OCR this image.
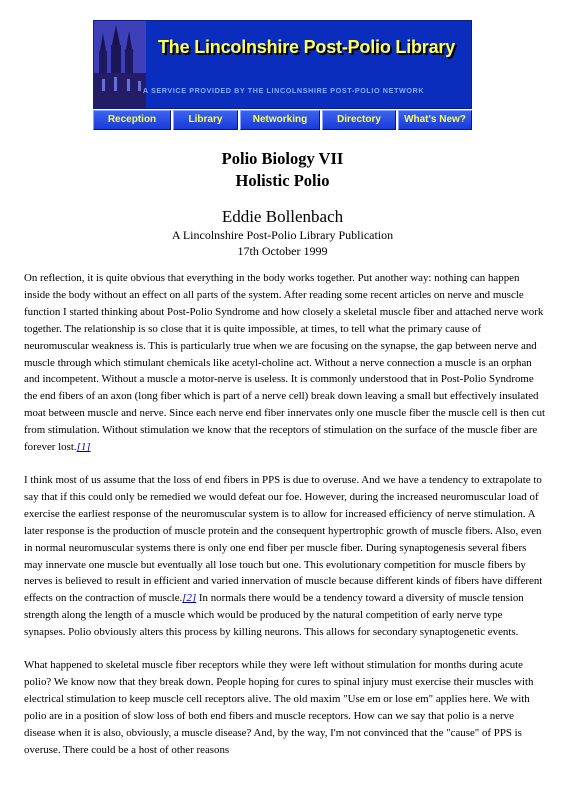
The Lincolnshire Post-Polio Library

A SERVICE PROVIDED BY THE LINCOLNSHIRE POST-POLIO NETWORK

Reception	Library	Networking	Directory	What's New?
Polio Biology VII
Holistic Polio

Eddie Bollenbach

A Lincolnshire Post-Polio Library Publication

17th October 1999

On reflection, it is quite obvious that everything in the body works together. Put another way: nothing can happen inside the body without an effect on all parts of the system. After reading some recent articles on nerve and muscle function I started thinking about Post-Polio Syndrome and how closely a skeletal muscle fiber and attached nerve work together. The relationship is so close that it is quite impossible, at times, to tell what the primary cause of neuromuscular weakness is. This is particularly true when we are focusing on the synapse, the gap between nerve and muscle through which stimulant chemicals like acetyl-choline act. Without a nerve connection a muscle is an orphan and incompetent. Without a muscle a motor-nerve is useless. It is commonly understood that in Post-Polio Syndrome the end fibers of an axon (long fiber which is part of a nerve cell) break down leaving a small but effectively insulated moat between muscle and nerve. Since each nerve end fiber innervates only one muscle fiber the muscle cell is then cut from stimulation. Without stimulation we know that the receptors of stimulation on the surface of the muscle fiber are forever lost.[1]

I think most of us assume that the loss of end fibers in PPS is due to overuse. And we have a tendency to extrapolate to say that if this could only be remedied we would defeat our foe. However, during the increased neuromuscular load of exercise the earliest response of the neuromuscular system is to allow for increased efficiency of nerve stimulation. A later response is the production of muscle protein and the consequent hypertrophic growth of muscle fibers. Also, even in normal neuromuscular systems there is only one end fiber per muscle fiber. During synaptogenesis several fibers may innervate one muscle but eventually all lose touch but one. This evolutionary competition for muscle fibers by nerves is believed to result in efficient and varied innervation of muscle because different kinds of fibers have different effects on the contraction of muscle.[2] In normals there would be a tendency toward a diversity of muscle tension strength along the length of a muscle which would be produced by the natural competition of early nerve type synapses. Polio obviously alters this process by killing neurons. This allows for secondary synaptogenetic events.

What happened to skeletal muscle fiber receptors while they were left without stimulation for months during acute polio? We know now that they break down. People hoping for cures to spinal injury must exercise their muscles with electrical stimulation to keep muscle cell receptors alive. The old maxim "Use em or lose em" applies here. We with polio are in a position of slow loss of both end fibers and muscle receptors. How can we say that polio is a nerve disease when it is also, obviously, a muscle disease? And, by the way, I'm not convinced that the "cause" of PPS is overuse. There could be a host of other reasons
